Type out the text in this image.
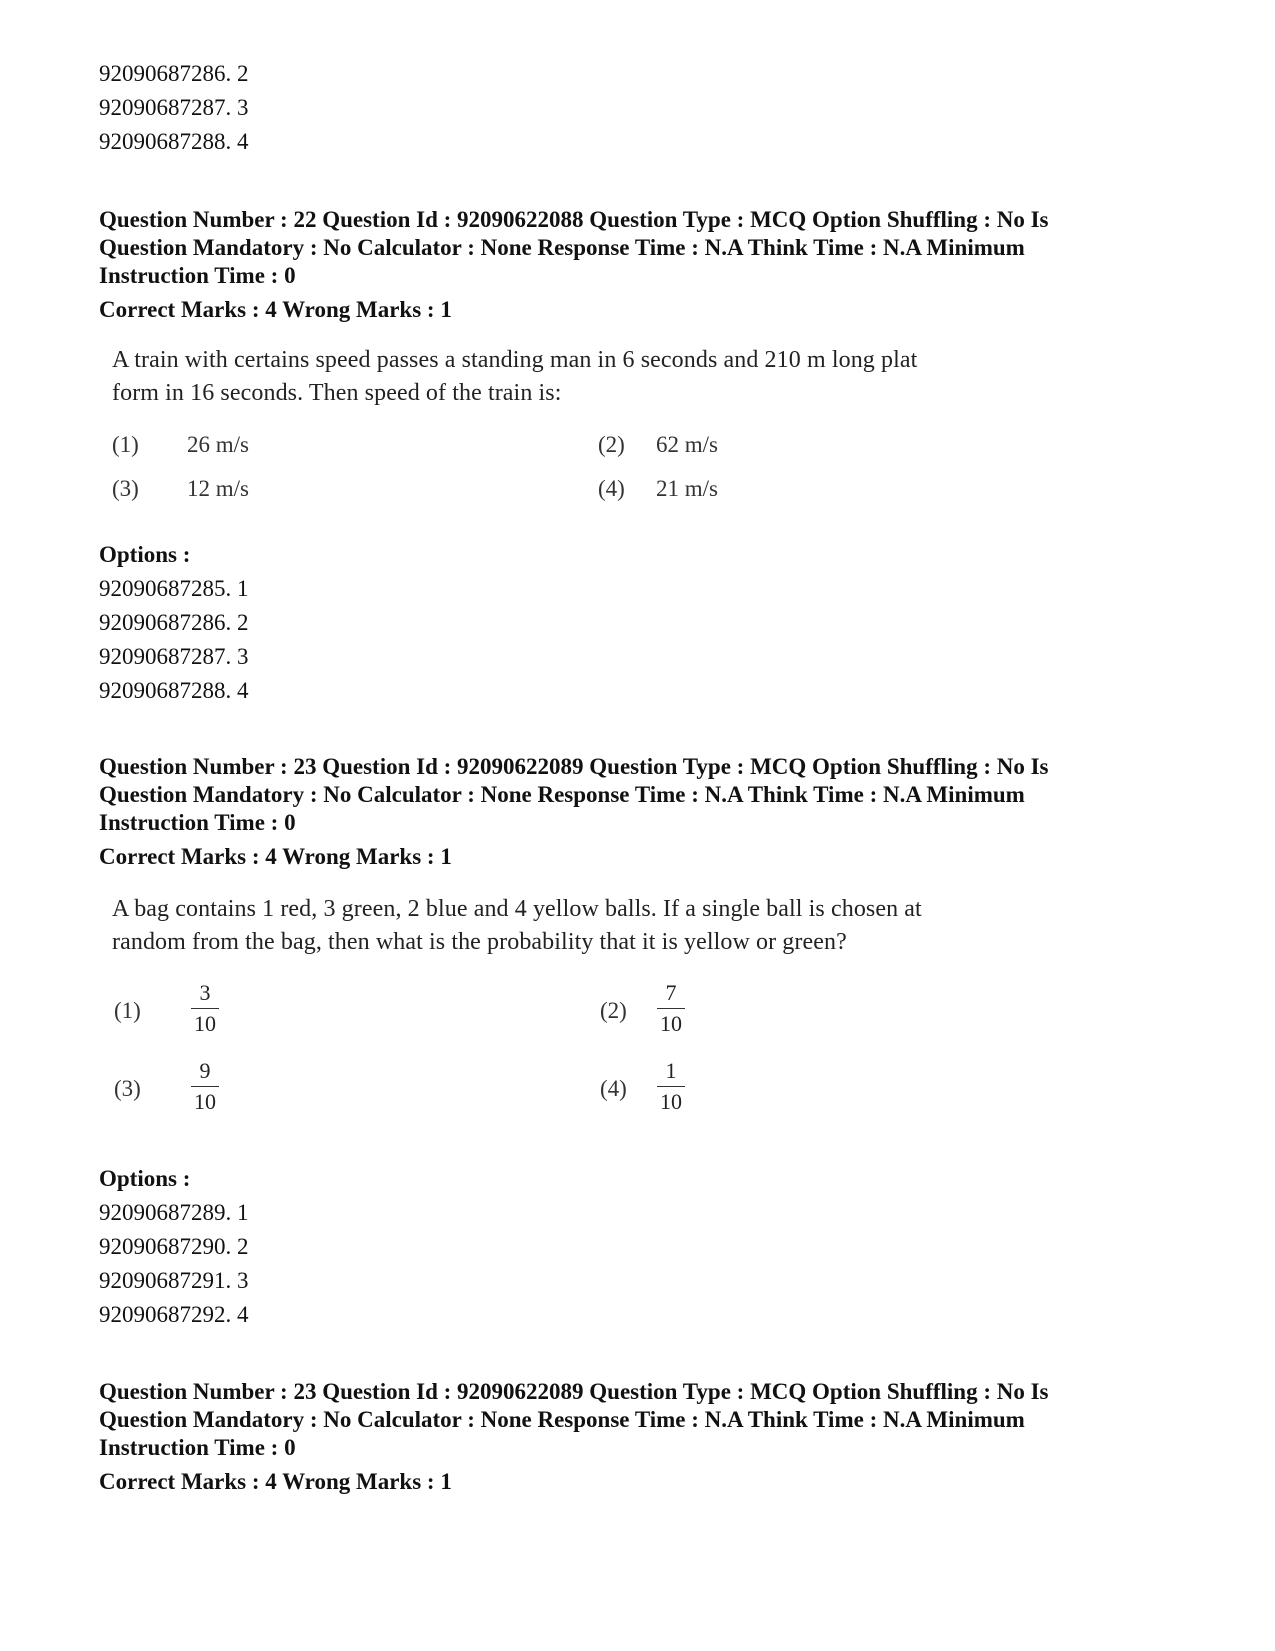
92090687286. 2
92090687287. 3
92090687288. 4
Question Number : 22 Question Id : 92090622088 Question Type : MCQ Option Shuffling : No Is
Question Mandatory : No Calculator : None Response Time : N.A Think Time : N.A Minimum
Instruction Time : 0
Correct Marks : 4 Wrong Marks : 1
A train with certains speed passes a standing man in 6 seconds and 210 m long plat
form in 16 seconds. Then speed of the train is:
(1) 26 m/s	(2) 62 m/s
(3) 12 m/s	(4) 21 m/s
Options :
92090687285. 1
92090687286. 2
92090687287. 3
92090687288. 4
Question Number : 23 Question Id : 92090622089 Question Type : MCQ Option Shuffling : No Is
Question Mandatory : No Calculator : None Response Time : N.A Think Time : N.A Minimum
Instruction Time : 0
Correct Marks : 4 Wrong Marks : 1
A bag contains 1 red, 3 green, 2 blue and 4 yellow balls. If a single ball is chosen at
random from the bag, then what is the probability that it is yellow or green?
(1)
3
10
(2)
7
10
(3)
9
10
(4)
1
10
Options :
92090687289. 1
92090687290. 2
92090687291. 3
92090687292. 4
Question Number : 23 Question Id : 92090622089 Question Type : MCQ Option Shuffling : No Is
Question Mandatory : No Calculator : None Response Time : N.A Think Time : N.A Minimum
Instruction Time : 0
Correct Marks : 4 Wrong Marks : 1
